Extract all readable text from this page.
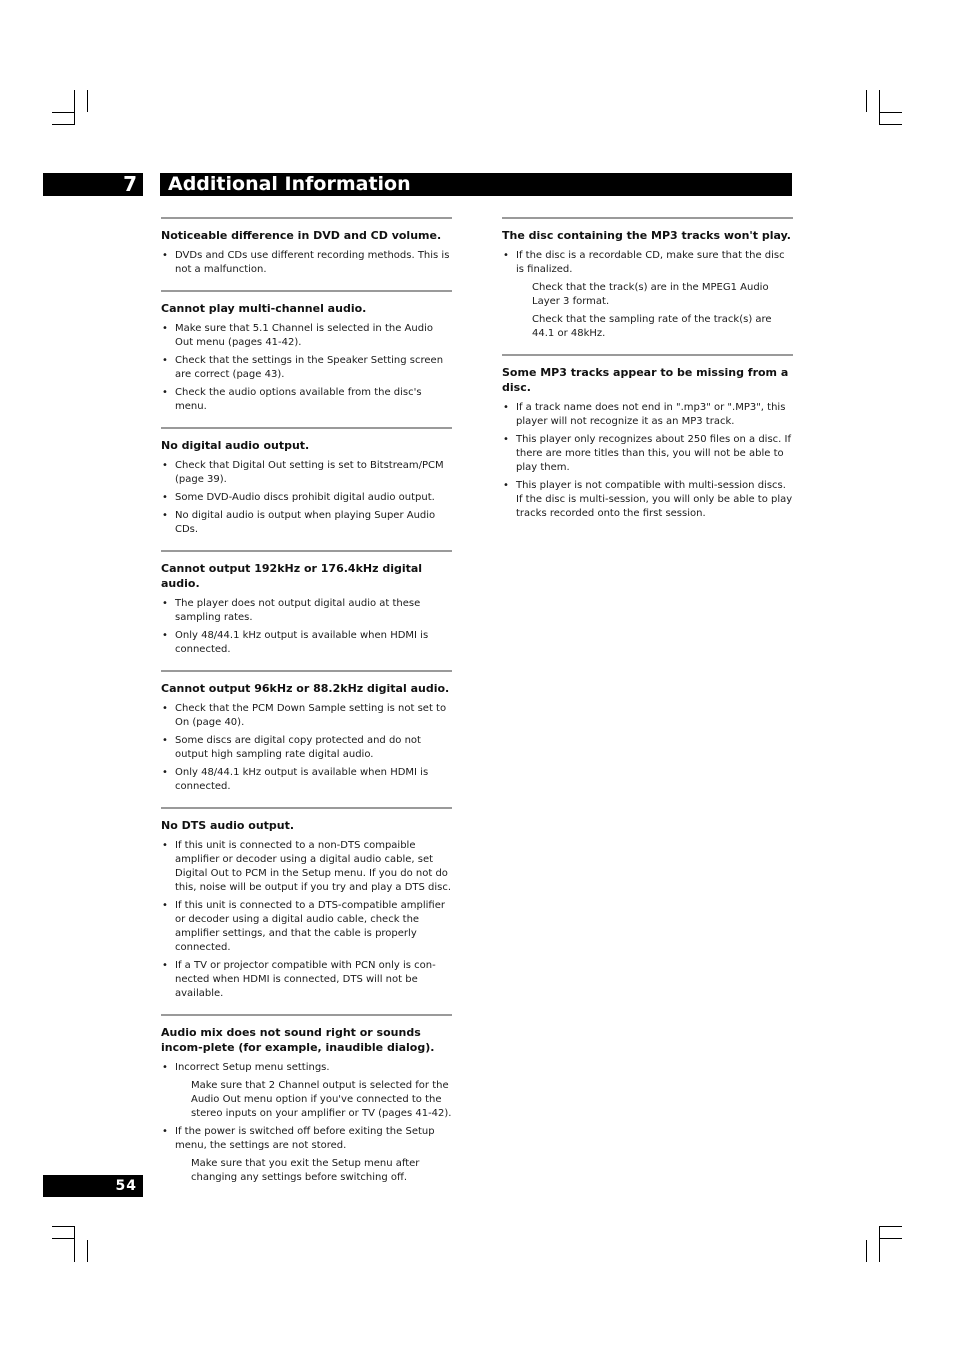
7	Additional Information
Noticeable difference in DVD and CD volume.
• DVDs and CDs use different recording methods. This is not a malfunction.
Cannot play multi-channel audio.
• Make sure that 5.1 Channel is selected in the Audio Out menu (pages 41-42).
• Check that the settings in the Speaker Setting screen are correct (page 43).
• Check the audio options available from the disc's menu.
No digital audio output.
• Check that Digital Out setting is set to Bitstream/PCM (page 39).
• Some DVD-Audio discs prohibit digital audio output.
• No digital audio is output when playing Super Audio CDs.
Cannot output 192kHz or 176.4kHz digital audio.
• The player does not output digital audio at these sampling rates.
• Only 48/44.1 kHz output is available when HDMI is connected.
Cannot output 96kHz or 88.2kHz digital audio.
• Check that the PCM Down Sample setting is not set to On (page 40).
• Some discs are digital copy protected and do not output high sampling rate digital audio.
• Only 48/44.1 kHz output is available when HDMI is connected.
No DTS audio output.
• If this unit is connected to a non-DTS compaible amplifier or decoder using a digital audio cable, set Digital Out to PCM in the Setup menu. If you do not do this, noise will be output if you try and play a DTS disc.
• If this unit is connected to a DTS-compatible amplifier or decoder using a digital audio cable, check the amplifier settings, and that the cable is properly connected.
• If a TV or projector compatible with PCN only is con-nected when HDMI is connected, DTS will not be available.
Audio mix does not sound right or sounds incom-plete (for example, inaudible dialog).
• Incorrect Setup menu settings.

Make sure that 2 Channel output is selected for the Audio Out menu option if you've connected to the stereo inputs on your amplifier or TV (pages 41-42).

• If the power is switched off before exiting the Setup menu, the settings are not stored.

Make sure that you exit the Setup menu after changing any settings before switching off.

The disc containing the MP3 tracks won't play.
• If the disc is a recordable CD, make sure that the disc is finalized.

Check that the track(s) are in the MPEG1 Audio Layer 3 format.

Check that the sampling rate of the track(s) are 44.1 or 48kHz.

Some MP3 tracks appear to be missing from a disc.
• If a track name does not end in ".mp3" or ".MP3", this player will not recognize it as an MP3 track.
• This player only recognizes about 250 files on a disc. If there are more titles than this, you will not be able to play them.
• This player is not compatible with multi-session discs. If the disc is multi-session, you will only be able to play tracks recorded onto the first session.
54
